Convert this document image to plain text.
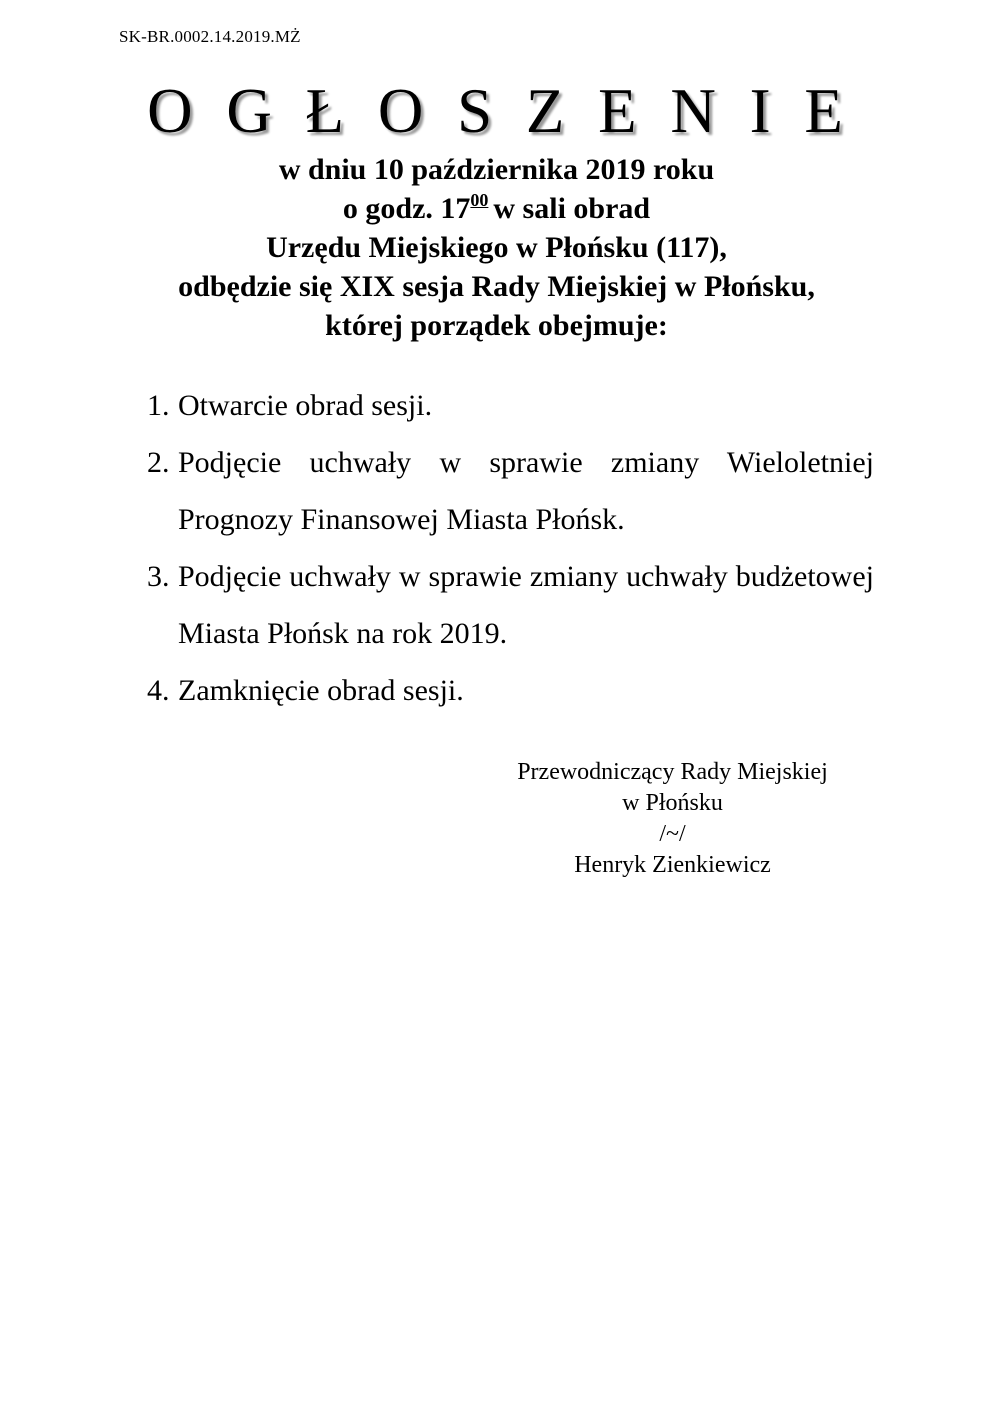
SK-BR.0002.14.2019.MŻ
O G Ł O S Z E N I E
w dniu 10 października 2019 roku
o godz. $17^{00}$ w sali obrad
Urzędu Miejskiego w Płońsku (117),
odbędzie się XIX sesja Rady Miejskiej w Płońsku,
której porządek obejmuje:
1. Otwarcie obrad sesji.
2. Podjęcie uchwały w sprawie zmiany Wieloletniej Prognozy Finansowej Miasta Płońsk.
3. Podjęcie uchwały w sprawie zmiany uchwały budżetowej Miasta Płońsk na rok 2019.
4. Zamknięcie obrad sesji.
Przewodniczący Rady Miejskiej
w Płońsku
/~/
Henryk Zienkiewicz
